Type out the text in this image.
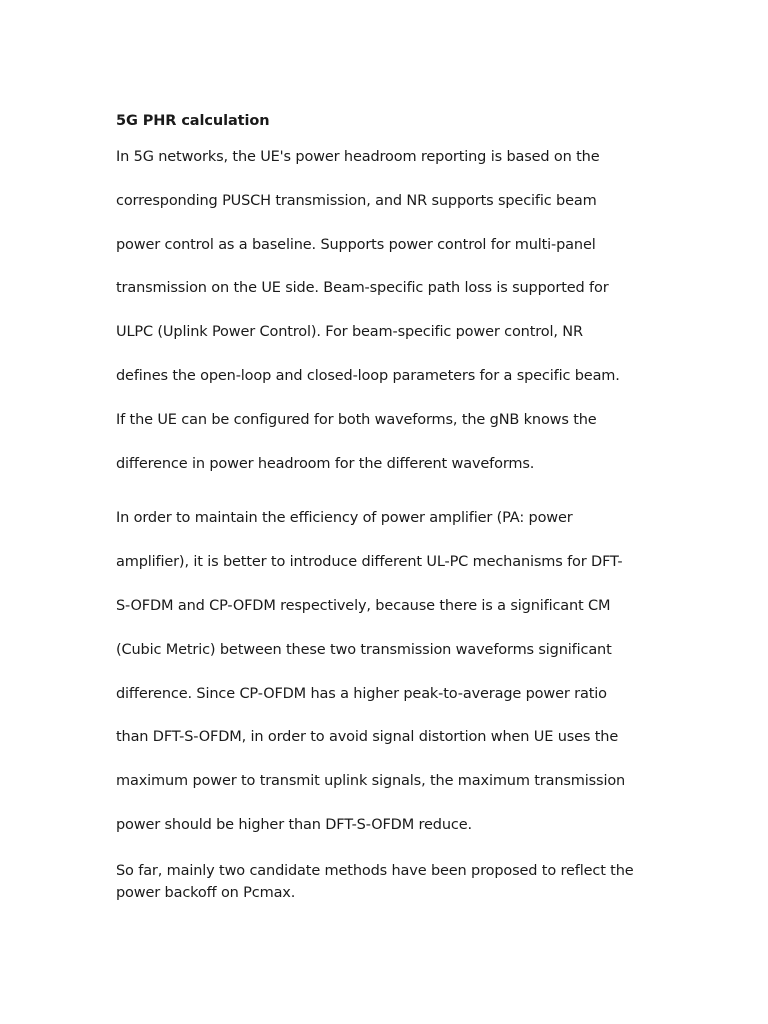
5G PHR calculation

In 5G networks, the UE's power headroom reporting is based on the
corresponding PUSCH transmission, and NR supports specific beam
power control as a baseline. Supports power control for multi-panel
transmission on the UE side. Beam-specific path loss is supported for
ULPC (Uplink Power Control). For beam-specific power control, NR
defines the open-loop and closed-loop parameters for a specific beam.
If the UE can be configured for both waveforms, the gNB knows the
difference in power headroom for the different waveforms.

In order to maintain the efficiency of power amplifier (PA: power
amplifier), it is better to introduce different UL-PC mechanisms for DFT-
S-OFDM and CP-OFDM respectively, because there is a significant CM
(Cubic Metric) between these two transmission waveforms significant
difference. Since CP-OFDM has a higher peak-to-average power ratio
than DFT-S-OFDM, in order to avoid signal distortion when UE uses the
maximum power to transmit uplink signals, the maximum transmission
power should be higher than DFT-S-OFDM reduce.

So far, mainly two candidate methods have been proposed to reflect the
power backoff on Pcmax.
